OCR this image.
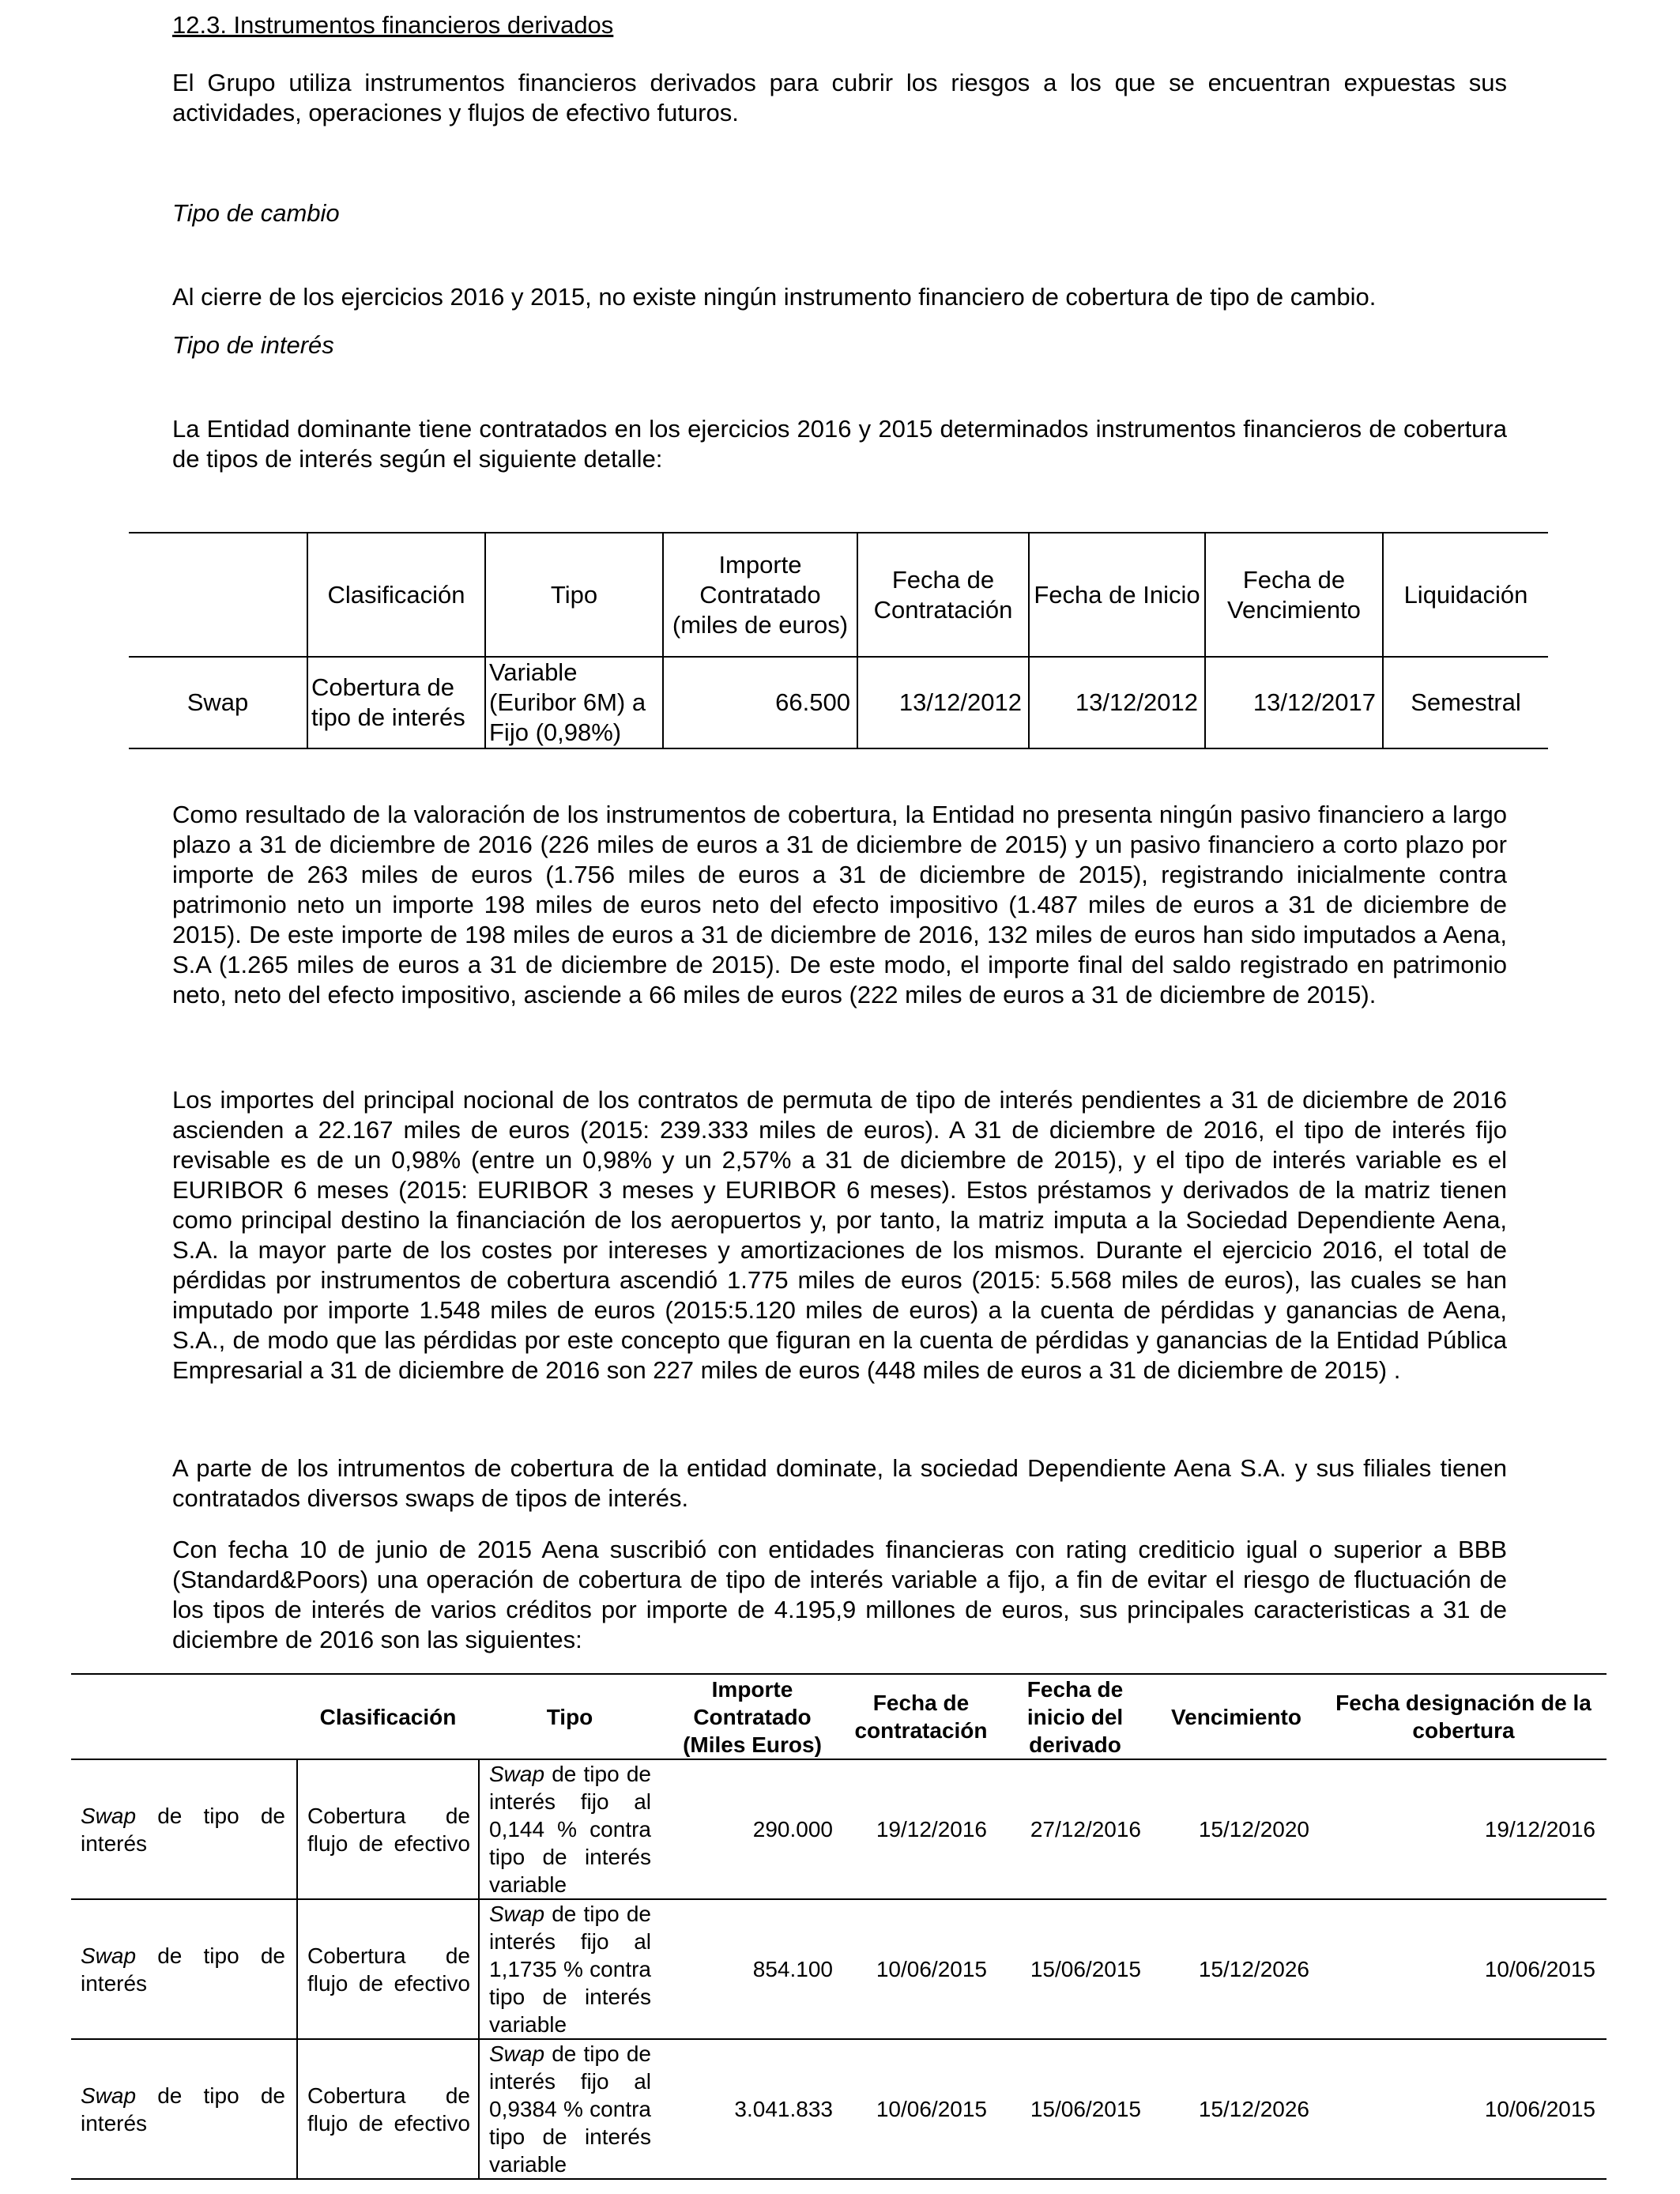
12.3. Instrumentos financieros derivados
El Grupo utiliza instrumentos financieros derivados para cubrir los riesgos a los que se encuentran expuestas sus actividades, operaciones y flujos de efectivo futuros.
Tipo de cambio
Al cierre de los ejercicios 2016 y 2015, no existe ningún instrumento financiero de cobertura de tipo de cambio.
Tipo de interés
La Entidad dominante tiene contratados en los ejercicios 2016 y 2015 determinados instrumentos financieros de cobertura de tipos de interés según el siguiente detalle:
	Clasificación	Tipo	Importe Contratado (miles de euros)	Fecha de Contratación	Fecha de Inicio	Fecha de Vencimiento	Liquidación
Swap	Cobertura de tipo de interés	Variable (Euribor 6M) a Fijo (0,98%)	66.500	13/12/2012	13/12/2012	13/12/2017	Semestral
Como resultado de la valoración de los instrumentos de cobertura, la Entidad no presenta ningún pasivo financiero a largo plazo a 31 de diciembre de 2016 (226 miles de euros a 31 de diciembre de 2015) y un pasivo financiero a corto plazo por importe de 263 miles de euros (1.756 miles de euros a 31 de diciembre de 2015), registrando inicialmente contra patrimonio neto un importe 198 miles de euros neto del efecto impositivo (1.487 miles de euros a 31 de diciembre de 2015). De este importe de 198 miles de euros a 31 de diciembre de 2016, 132 miles de euros han sido imputados a Aena, S.A (1.265 miles de euros a 31 de diciembre de 2015). De este modo, el importe final del saldo registrado en patrimonio neto, neto del efecto impositivo, asciende a 66 miles de euros (222 miles de euros a 31 de diciembre de 2015).
Los importes del principal nocional de los contratos de permuta de tipo de interés pendientes a 31 de diciembre de 2016 ascienden a 22.167 miles de euros (2015: 239.333 miles de euros). A 31 de diciembre de 2016, el tipo de interés fijo revisable es de un 0,98% (entre un 0,98% y un 2,57% a 31 de diciembre de 2015), y el tipo de interés variable es el EURIBOR 6 meses (2015: EURIBOR 3 meses y EURIBOR 6 meses). Estos préstamos y derivados de la matriz tienen como principal destino la financiación de los aeropuertos y, por tanto, la matriz imputa a la Sociedad Dependiente Aena, S.A. la mayor parte de los costes por intereses y amortizaciones de los mismos. Durante el ejercicio 2016, el total de pérdidas por instrumentos de cobertura ascendió 1.775 miles de euros (2015: 5.568 miles de euros), las cuales se han imputado por importe 1.548 miles de euros (2015:5.120 miles de euros) a la cuenta de pérdidas y ganancias de Aena, S.A., de modo que las pérdidas por este concepto que figuran en la cuenta de pérdidas y ganancias de la Entidad Pública Empresarial a 31 de diciembre de 2016 son 227 miles de euros (448 miles de euros a 31 de diciembre de 2015) .
A parte de los intrumentos de cobertura de la entidad dominate, la sociedad Dependiente Aena S.A. y sus filiales tienen contratados diversos swaps de tipos de interés.
Con fecha 10 de junio de 2015 Aena suscribió con entidades financieras con rating crediticio igual o superior a BBB (Standard&Poors) una operación de cobertura de tipo de interés variable a fijo, a fin de evitar el riesgo de fluctuación de los tipos de interés de varios créditos por importe de 4.195,9 millones de euros, sus principales caracteristicas a 31 de diciembre de 2016 son las siguientes:
	Clasificación	Tipo	Importe Contratado (Miles Euros)	Fecha de contratación	Fecha de inicio del derivado	Vencimiento	Fecha designación de la cobertura

Swap de tipo de interés	Cobertura de flujo de efectivo	Swap de tipo de interés fijo al 0,144 % contra tipo de interés variable	290.000	19/12/2016	27/12/2016	15/12/2020	19/12/2016

Swap de tipo de interés	Cobertura de flujo de efectivo	Swap de tipo de interés fijo al 1,1735 % contra tipo de interés variable	854.100	10/06/2015	15/06/2015	15/12/2026	10/06/2015

Swap de tipo de interés	Cobertura de flujo de efectivo	Swap de tipo de interés fijo al 0,9384 % contra tipo de interés variable	3.041.833	10/06/2015	15/06/2015	15/12/2026	10/06/2015
